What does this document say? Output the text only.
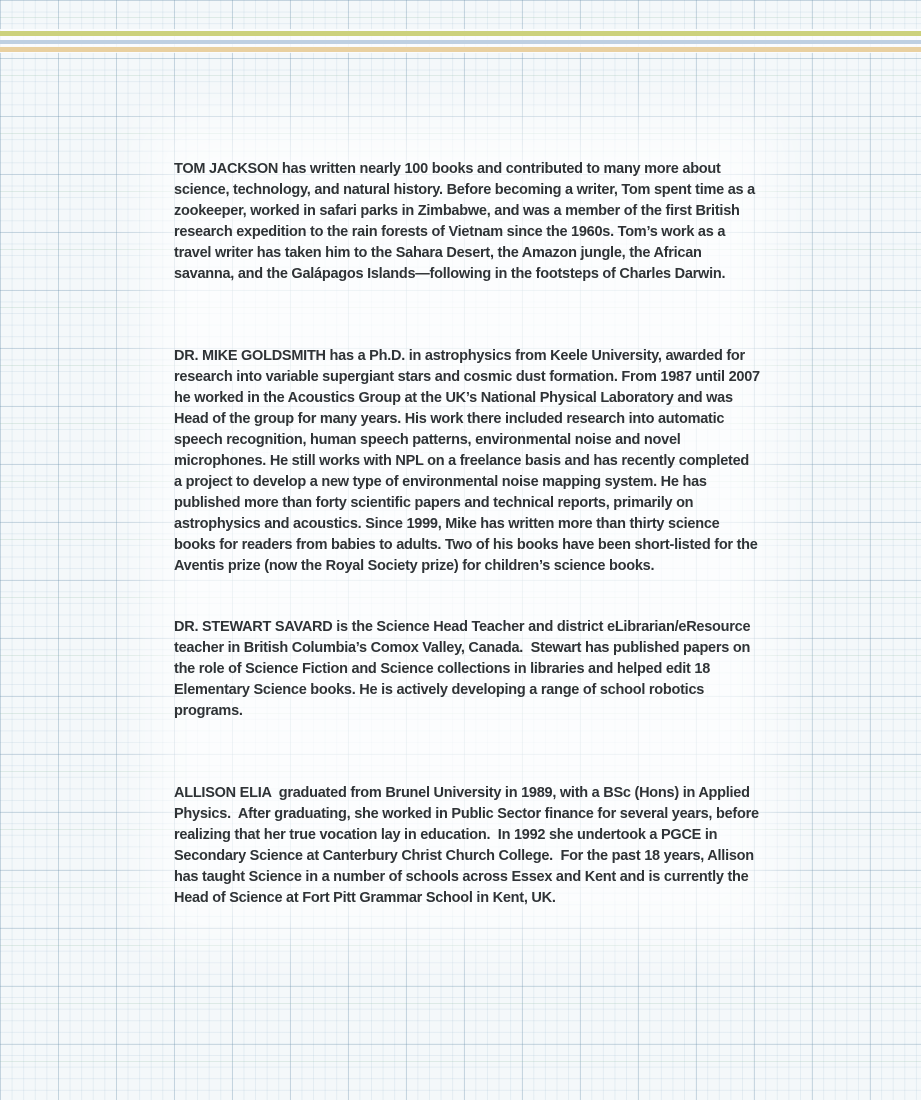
TOM JACKSON has written nearly 100 books and contributed to many more about science, technology, and natural history. Before becoming a writer, Tom spent time as a zookeeper, worked in safari parks in Zimbabwe, and was a member of the first British research expedition to the rain forests of Vietnam since the 1960s. Tom’s work as a travel writer has taken him to the Sahara Desert, the Amazon jungle, the African savanna, and the Galápagos Islands—following in the footsteps of Charles Darwin.

DR. MIKE GOLDSMITH has a Ph.D. in astrophysics from Keele University, awarded for research into variable supergiant stars and cosmic dust formation. From 1987 until 2007 he worked in the Acoustics Group at the UK’s National Physical Laboratory and was Head of the group for many years. His work there included research into automatic speech recognition, human speech patterns, environmental noise and novel microphones. He still works with NPL on a freelance basis and has recently completed a project to develop a new type of environmental noise mapping system. He has published more than forty scientific papers and technical reports, primarily on astrophysics and acoustics. Since 1999, Mike has written more than thirty science books for readers from babies to adults. Two of his books have been short-listed for the Aventis prize (now the Royal Society prize) for children’s science books.

DR. STEWART SAVARD is the Science Head Teacher and district eLibrarian/eResource teacher in British Columbia’s Comox Valley, Canada.  Stewart has published papers on the role of Science Fiction and Science collections in libraries and helped edit 18 Elementary Science books. He is actively developing a range of school robotics programs.

ALLISON ELIA  graduated from Brunel University in 1989, with a BSc (Hons) in Applied Physics.  After graduating, she worked in Public Sector finance for several years, before realizing that her true vocation lay in education.  In 1992 she undertook a PGCE in Secondary Science at Canterbury Christ Church College.  For the past 18 years, Allison has taught Science in a number of schools across Essex and Kent and is currently the Head of Science at Fort Pitt Grammar School in Kent, UK.
